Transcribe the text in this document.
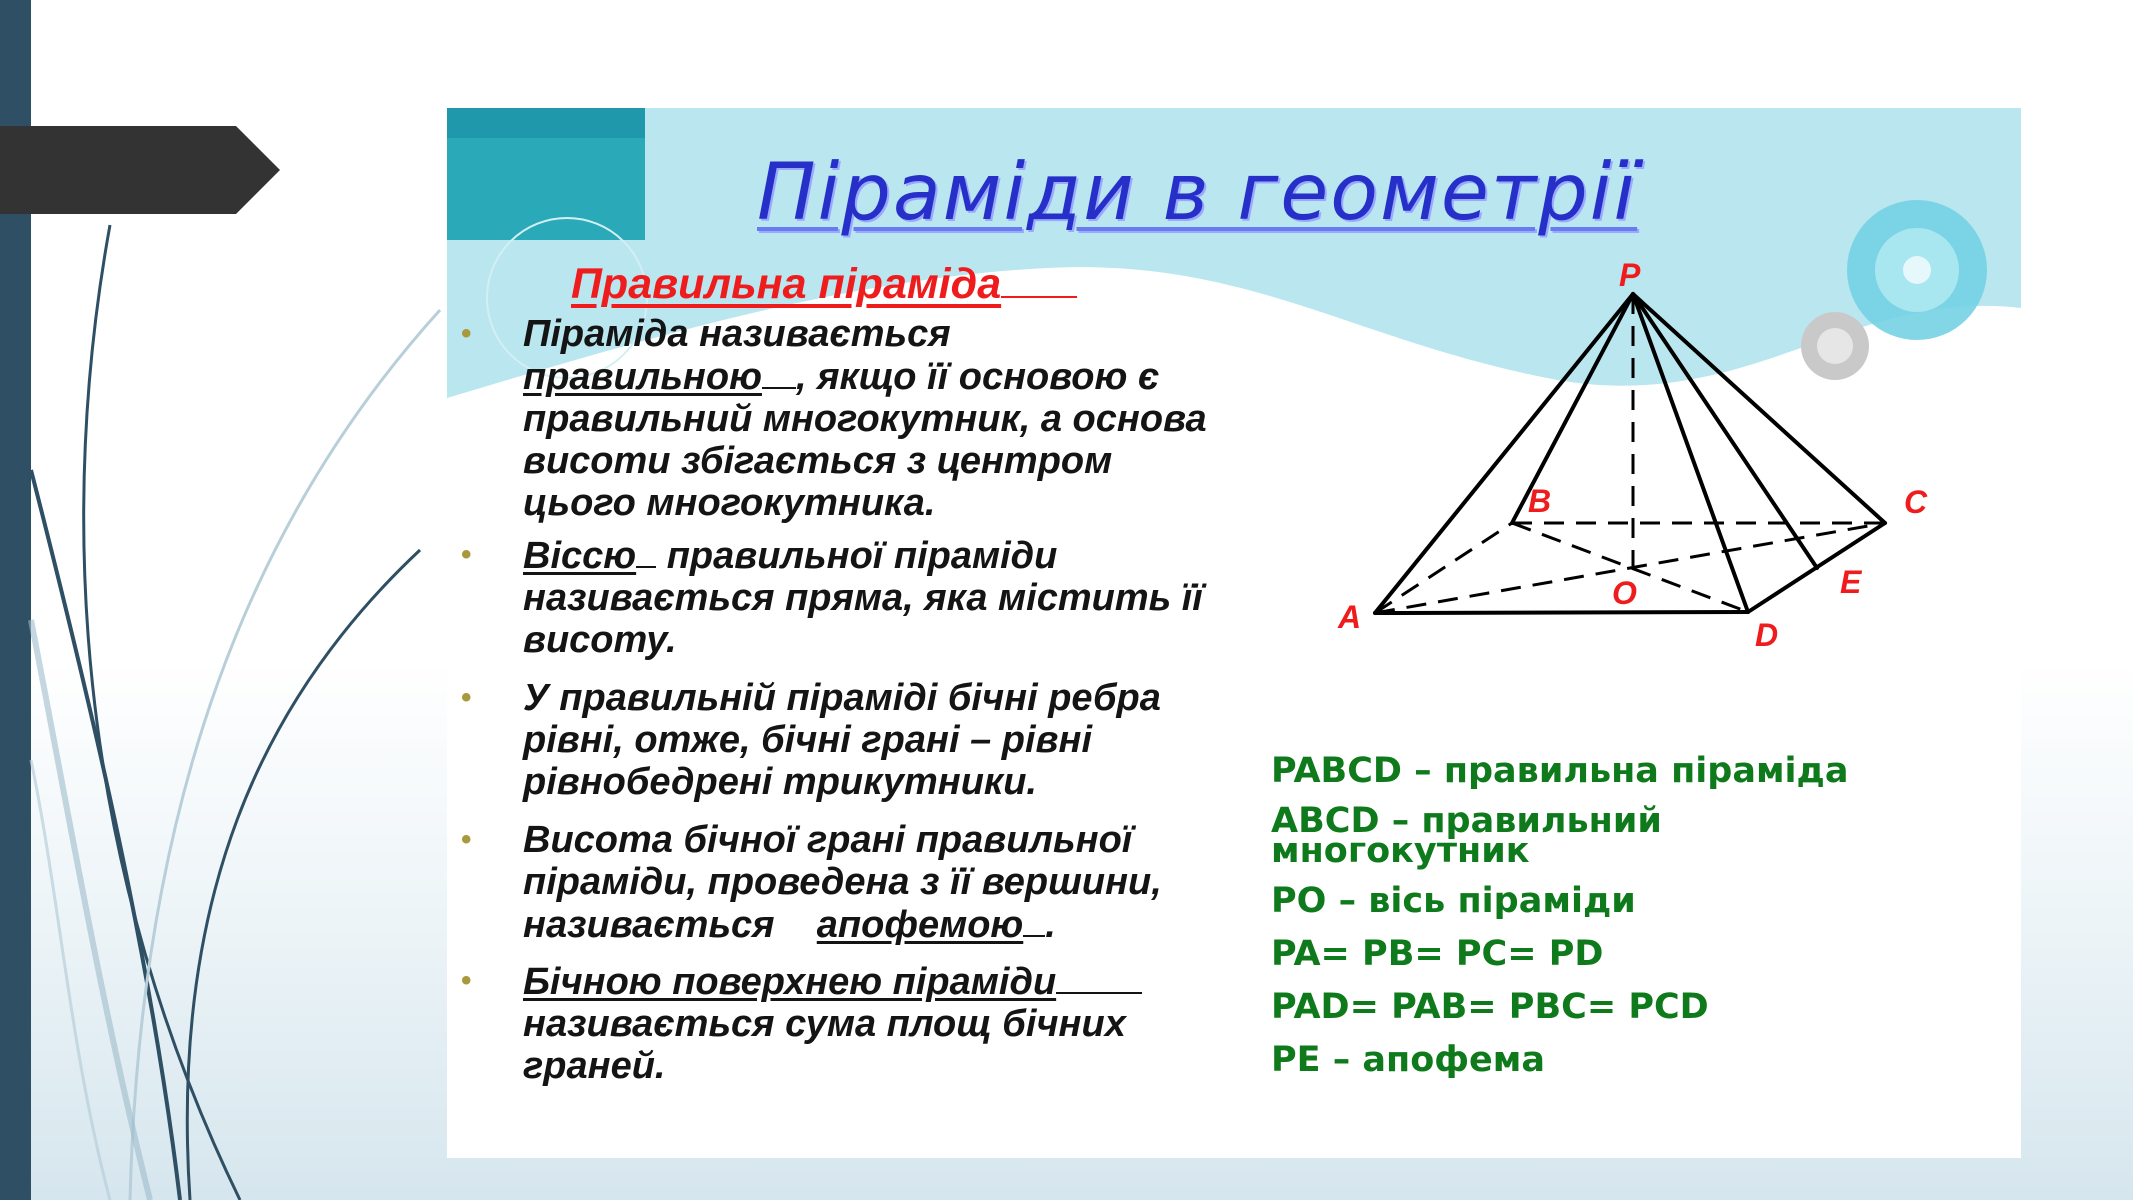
Піраміди в геометрії
Правильна піраміда
• Піраміда називається
правильною , якщо її основою є правильний многокутник, а основа висоти збігається з центром цього многокутника.
• Віссю правильної піраміди називається пряма, яка містить її висоту.
• У правильній піраміді бічні ребра рівні, отже, бічні грані – рівні рівнобедрені трикутники.
• Висота бічної грані правильної піраміди, проведена з її вершини, називається апофемою .
• Бічною поверхнею піраміди
називається сума площ бічних граней.
P
B	C
O	E
A	D
PABCD – правильна піраміда
ABCD – правильний
многокутник
PO – вісь піраміди
PA= PB= PC= PD
PAD= PAB= PBC= PCD
PE – апофема
